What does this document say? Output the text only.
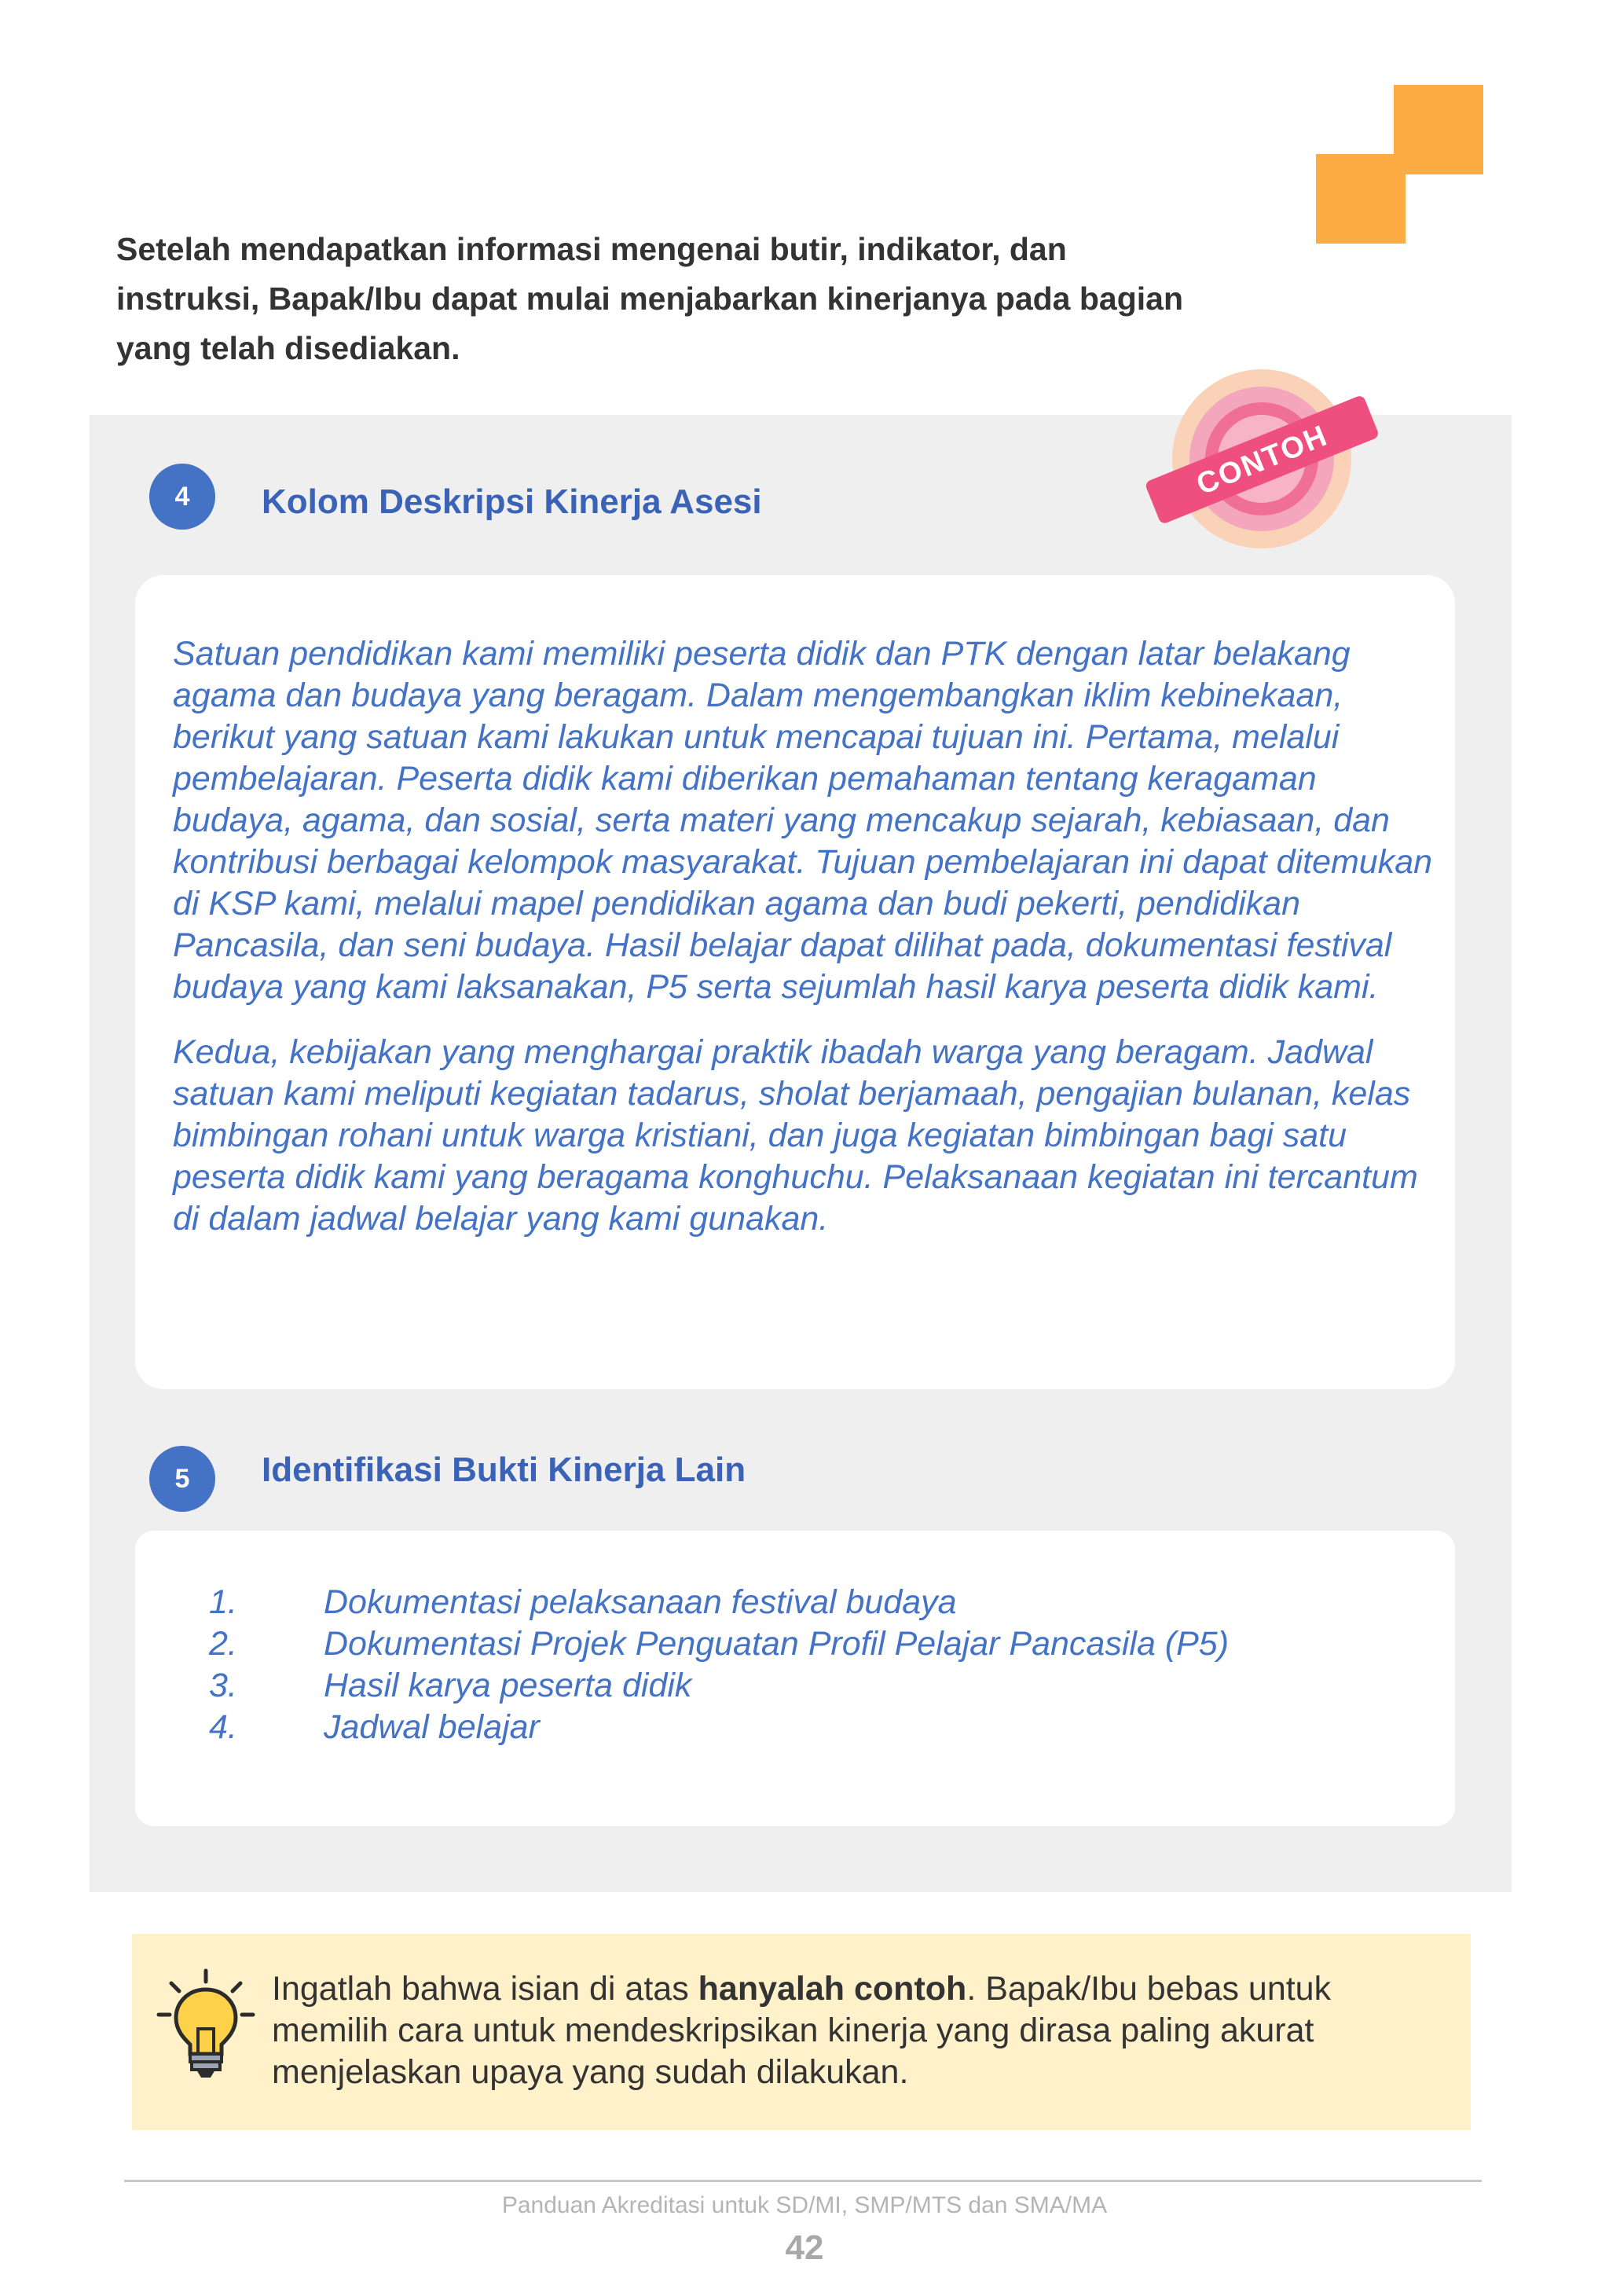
Setelah mendapatkan informasi mengenai butir, indikator, dan instruksi, Bapak/Ibu dapat mulai menjabarkan kinerjanya pada bagian yang telah disediakan.
CONTOH
4	Kolom Deskripsi Kinerja Asesi

Satuan pendidikan kami memiliki peserta didik dan PTK dengan latar belakang agama dan budaya yang beragam. Dalam mengembangkan iklim kebinekaan, berikut yang satuan kami lakukan untuk mencapai tujuan ini. Pertama, melalui pembelajaran. Peserta didik kami diberikan pemahaman tentang keragaman budaya, agama, dan sosial, serta materi yang mencakup sejarah, kebiasaan, dan kontribusi berbagai kelompok masyarakat. Tujuan pembelajaran ini dapat ditemukan di KSP kami, melalui mapel pendidikan agama dan budi pekerti, pendidikan Pancasila, dan seni budaya. Hasil belajar dapat dilihat pada, dokumentasi festival budaya yang kami laksanakan, P5 serta sejumlah hasil karya peserta didik kami.

Kedua, kebijakan yang menghargai praktik ibadah warga yang beragam. Jadwal satuan kami meliputi kegiatan tadarus, sholat berjamaah, pengajian bulanan, kelas bimbingan rohani untuk warga kristiani, dan juga kegiatan bimbingan bagi satu peserta didik kami yang beragama konghuchu. Pelaksanaan kegiatan ini tercantum di dalam jadwal belajar yang kami gunakan.

5	Identifikasi Bukti Kinerja Lain
1.	Dokumentasi pelaksanaan festival budaya
2.	Dokumentasi Projek Penguatan Profil Pelajar Pancasila (P5)
3.	Hasil karya peserta didik
4.	Jadwal belajar
Ingatlah bahwa isian di atas hanyalah contoh. Bapak/Ibu bebas untuk memilih cara untuk mendeskripsikan kinerja yang dirasa paling akurat menjelaskan upaya yang sudah dilakukan.
Panduan Akreditasi untuk SD/MI, SMP/MTS dan SMA/MA
42
